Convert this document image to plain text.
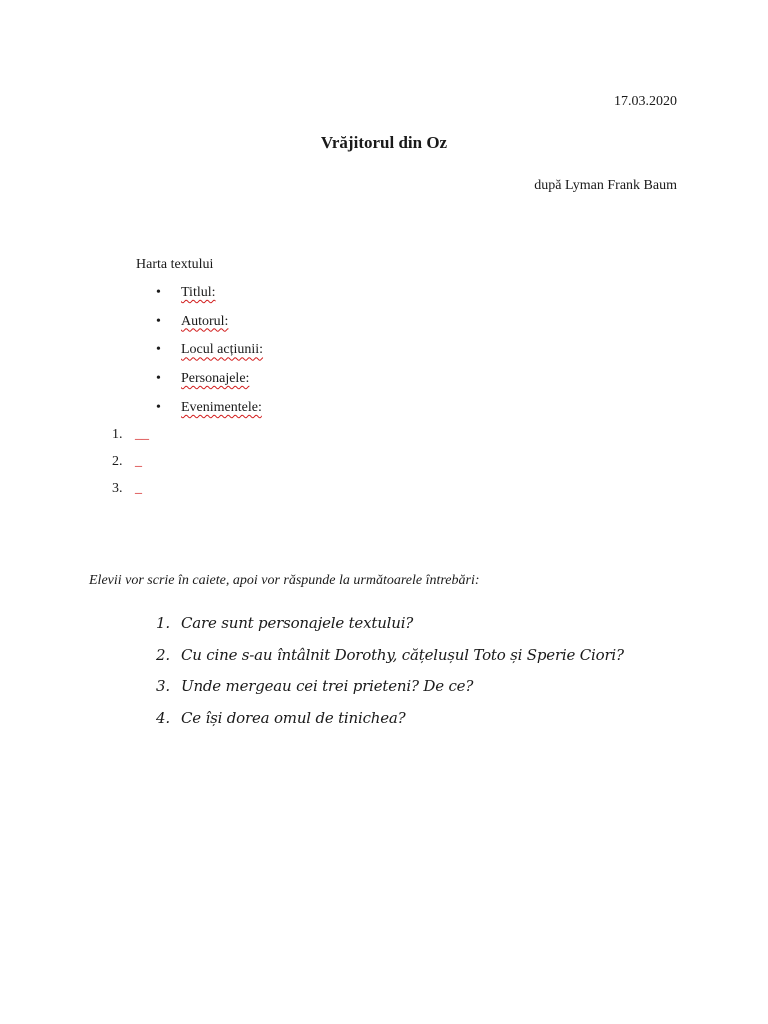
17.03.2020
Vrăjitorul din Oz
după Lyman Frank Baum
Harta textului
•	Titlul:
•	Autorul:
•	Locul acțiunii:
•	Personajele:
•	Evenimentele:
1. __
2. _
3. _
Elevii vor scrie în caiete, apoi vor răspunde la următoarele întrebări:
1. Care sunt personajele textului?
2. Cu cine s-au întâlnit Dorothy, cățelușul Toto și Sperie Ciori?
3. Unde mergeau cei trei prieteni? De ce?
4. Ce își dorea omul de tinichea?
